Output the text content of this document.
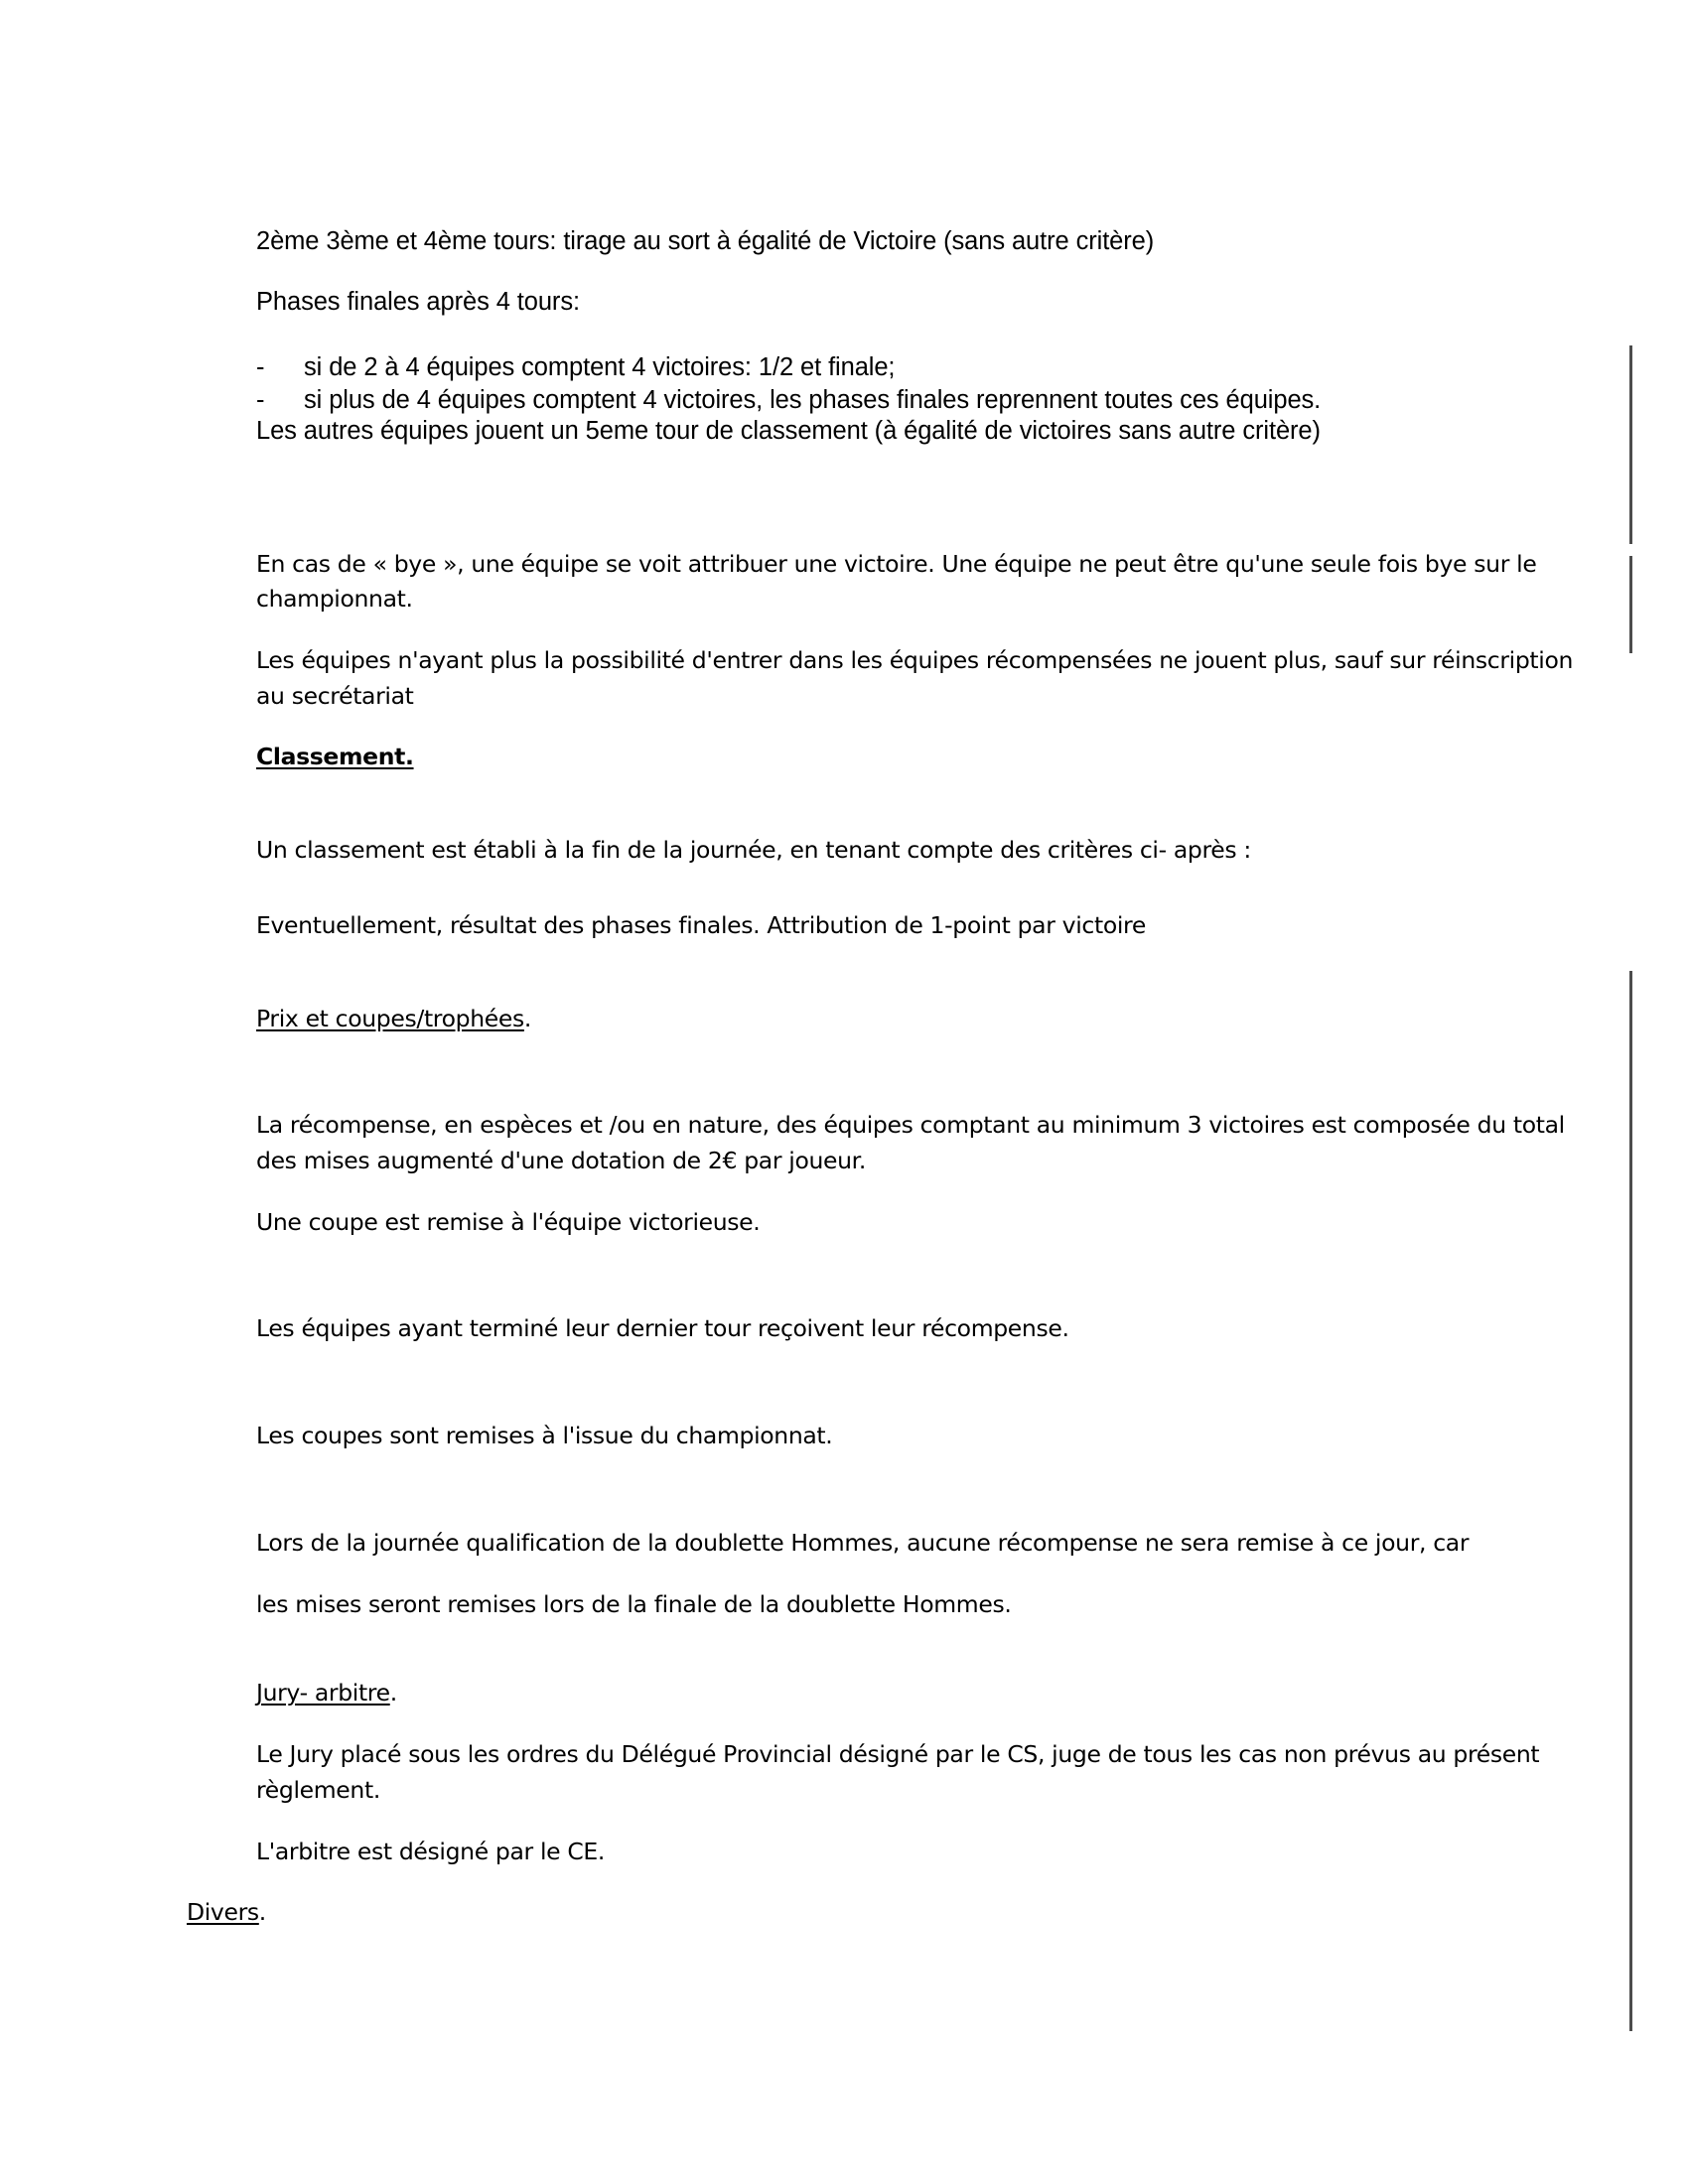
2ème 3ème et 4ème tours: tirage au sort à égalité de Victoire (sans autre critère)

Phases finales après 4 tours:

- si de 2 à 4 équipes comptent 4 victoires: 1/2 et finale;
- si plus de 4 équipes comptent 4 victoires, les phases finales reprennent toutes ces équipes.

Les autres équipes jouent un 5eme tour de classement (à égalité de victoires sans autre critère)

En cas de « bye », une équipe se voit attribuer une victoire. Une équipe ne peut être qu'une seule fois bye sur le championnat.

Les équipes n'ayant plus la possibilité d'entrer dans les équipes récompensées ne jouent plus, sauf sur réinscription au secrétariat

Classement.

Un classement est établi à la fin de la journée, en tenant compte des critères ci- après :

Eventuellement, résultat des phases finales. Attribution de 1-point par victoire

Prix et coupes/trophées.

La récompense, en espèces et /ou en nature, des équipes comptant au minimum 3 victoires est composée du total des mises augmenté d'une dotation de 2€ par joueur.

Une coupe est remise à l'équipe victorieuse.

Les équipes ayant terminé leur dernier tour reçoivent leur récompense.

Les coupes sont remises à l'issue du championnat.

Lors de la journée qualification de la doublette Hommes, aucune récompense ne sera remise à ce jour, car

les mises seront remises lors de la finale de la doublette Hommes.

Jury- arbitre.

Le Jury placé sous les ordres du Délégué Provincial désigné par le CS, juge de tous les cas non prévus au présent règlement.

L'arbitre est désigné par le CE.

Divers.
